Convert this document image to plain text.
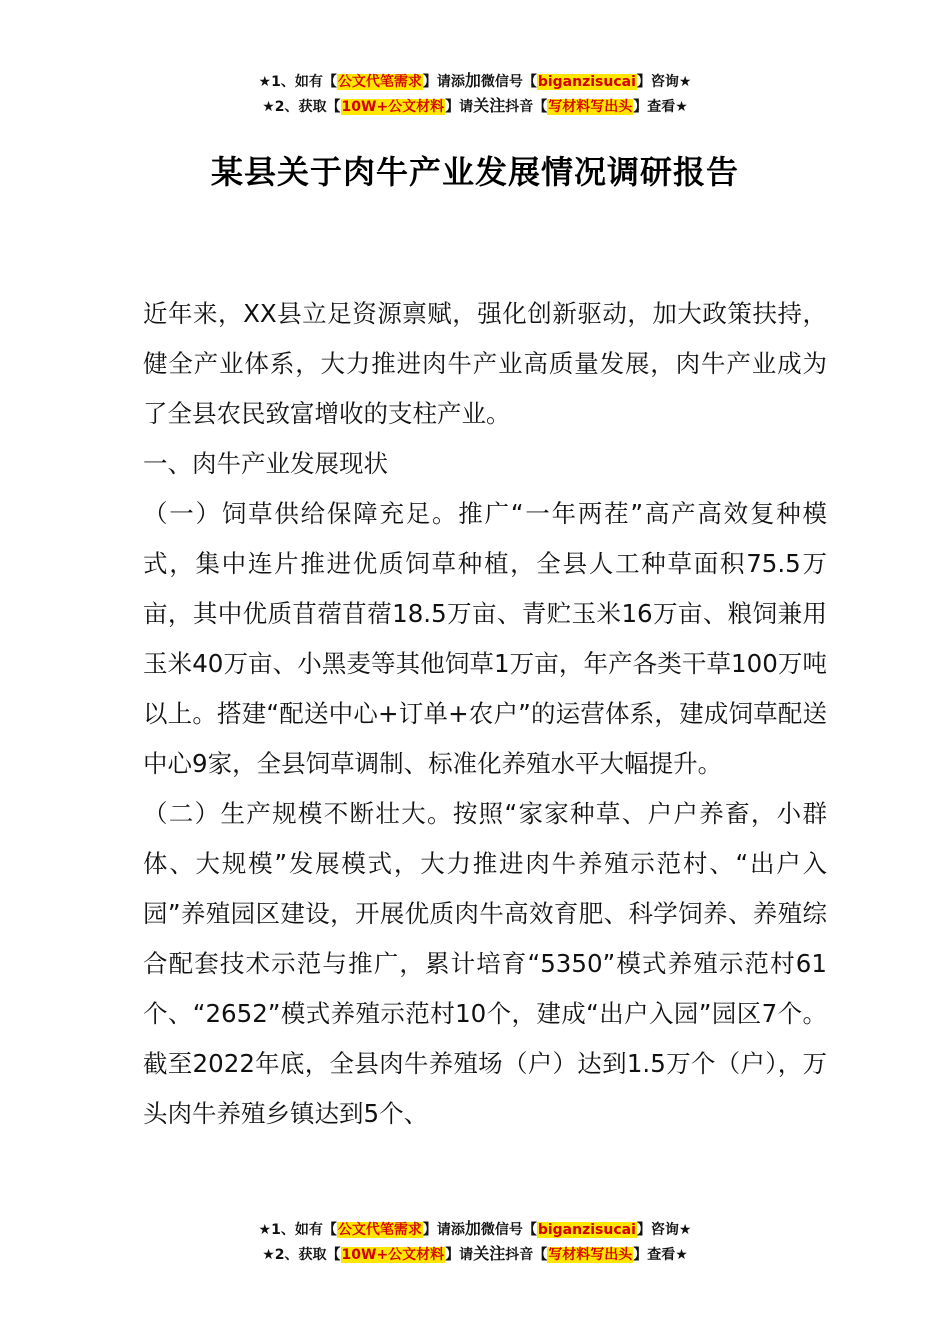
★1、如有【公文代笔需求】请添加微信号【biganzisucai】咨询★
★2、获取【10W+公文材料】请关注抖音【写材料写出头】查看★
某县关于肉牛产业发展情况调研报告

近年来，XX县立足资源禀赋，强化创新驱动，加大政策扶持，健全产业体系，大力推进肉牛产业高质量发展，肉牛产业成为了全县农民致富增收的支柱产业。

一、肉牛产业发展现状

（一）饲草供给保障充足。推广“一年两茬”高产高效复种模式，集中连片推进优质饲草种植，全县人工种草面积75.5万亩，其中优质苜蓿苜蓿18.5万亩、青贮玉米16万亩、粮饲兼用玉米40万亩、小黑麦等其他饲草1万亩，年产各类干草100万吨以上。搭建“配送中心+订单+农户”的运营体系，建成饲草配送中心9家，全县饲草调制、标准化养殖水平大幅提升。

（二）生产规模不断壮大。按照“家家种草、户户养畜，小群体、大规模”发展模式，大力推进肉牛养殖示范村、“出户入园”养殖园区建设，开展优质肉牛高效育肥、科学饲养、养殖综合配套技术示范与推广，累计培育“5350”模式养殖示范村61个、“2652”模式养殖示范村10个，建成“出户入园”园区7个。截至2022年底，全县肉牛养殖场（户）达到1.5万个（户），万头肉牛养殖乡镇达到5个、

★1、如有【公文代笔需求】请添加微信号【biganzisucai】咨询★
★2、获取【10W+公文材料】请关注抖音【写材料写出头】查看★
